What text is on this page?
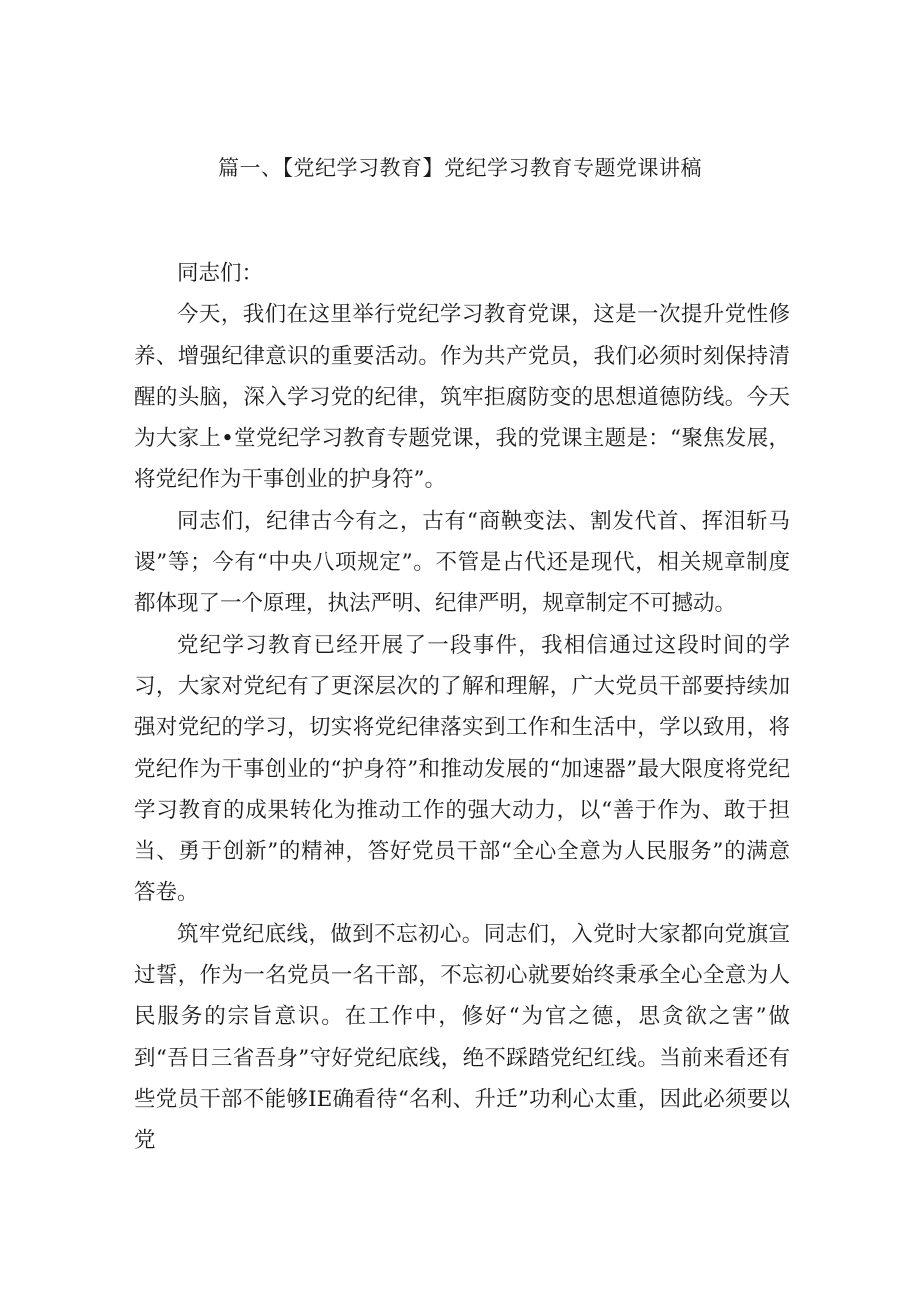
篇一、【党纪学习教育】党纪学习教育专题党课讲稿

同志们：

今天，我们在这里举行党纪学习教育党课，这是一次提升党性修养、增强纪律意识的重要活动。作为共产党员，我们必须时刻保持清醒的头脑，深入学习党的纪律，筑牢拒腐防变的思想道德防线。今天为大家上•堂党纪学习教育专题党课，我的党课主题是：“聚焦发展，将党纪作为干事创业的护身符”。

同志们，纪律古今有之，古有“商鞅变法、割发代首、挥泪斩马谡”等；今有“中央八项规定”。不管是占代还是现代，相关规章制度都体现了一个原理，执法严明、纪律严明，规章制定不可撼动。

党纪学习教育已经开展了一段事件，我相信通过这段时间的学习，大家对党纪有了更深层次的了解和理解，广大党员干部要持续加强对党纪的学习，切实将党纪律落实到工作和生活中，学以致用，将党纪作为干事创业的“护身符”和推动发展的“加速器”最大限度将党纪学习教育的成果转化为推动工作的强大动力，以“善于作为、敢于担当、勇于创新”的精神，答好党员干部“全心全意为人民服务”的满意答卷。

筑牢党纪底线，做到不忘初心。同志们，入党时大家都向党旗宣过誓，作为一名党员一名干部，不忘初心就要始终秉承全心全意为人民服务的宗旨意识。在工作中，修好“为官之德，思贪欲之害”做到“吾日三省吾身”守好党纪底线，绝不踩踏党纪红线。当前来看还有些党员干部不能够IE确看待“名利、升迁”功利心太重，因此必须要以党
